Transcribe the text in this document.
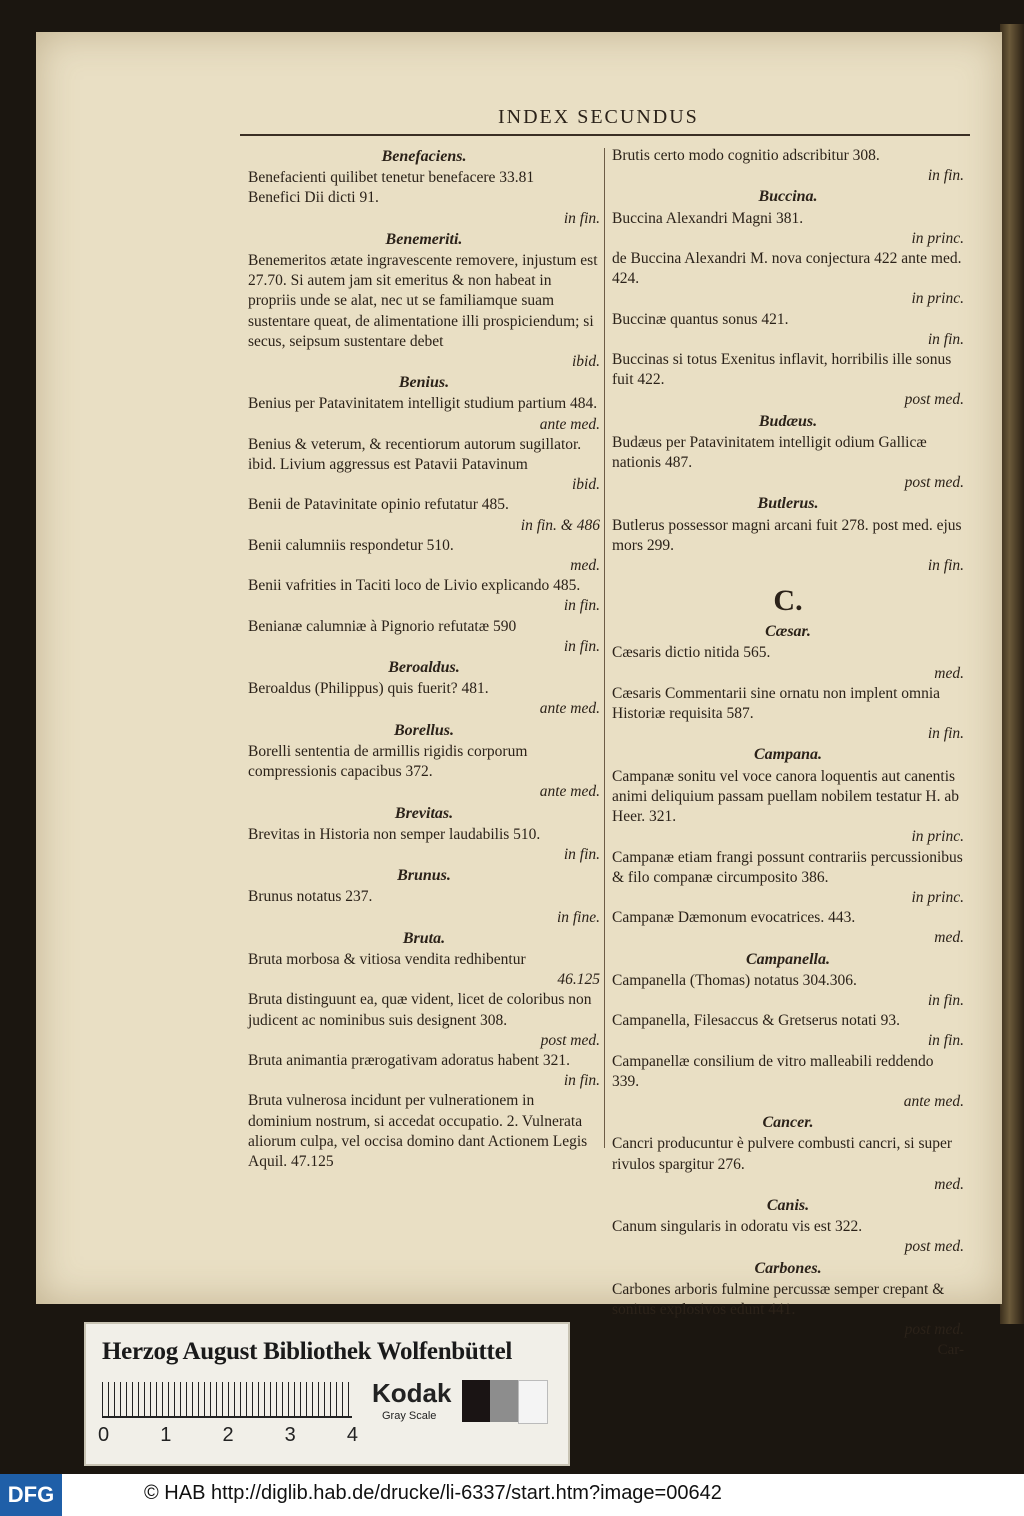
INDEX SECUNDUS
Benefaciens.
Benefacienti quilibet tenetur benefacere 33.81
Benefici Dii dicti 91.
in fin.
Benemeriti.
Benemeritos ætate ingravescente removere, injustum est 27.70. Si autem jam sit emeritus & non habeat in propriis unde se alat, nec ut se familiamque suam sustentare queat, de alimentatione illi prospiciendum; si secus, seipsum sustentare debet
ibid.
Benius.
Benius per Patavinitatem intelligit studium partium 484.
ante med.
Benius & veterum, & recentiorum autorum sugillator. ibid. Livium aggressus est Patavii Patavinum
ibid.
Benii de Patavinitate opinio refutatur 485.
in fin. & 486
Benii calumniis respondetur 510.
med.
Benii vafrities in Taciti loco de Livio explicando 485.
in fin.
Benianæ calumniæ à Pignorio refutatæ 590
in fin.
Beroaldus.
Beroaldus (Philippus) quis fuerit? 481.
ante med.
Borellus.
Borelli sententia de armillis rigidis corporum compressionis capacibus 372.
ante med.
Brevitas.
Brevitas in Historia non semper laudabilis 510.
in fin.
Brunus.
Brunus notatus 237.
in fine.
Bruta.
Bruta morbosa & vitiosa vendita redhibentur
46.125
Bruta distinguunt ea, quæ vident, licet de coloribus non judicent ac nominibus suis designent 308.
post med.
Bruta animantia prærogativam adoratus habent 321.
in fin.
Bruta vulnerosa incidunt per vulnerationem in dominium nostrum, si accedat occupatio. 2. Vulnerata aliorum culpa, vel occisa domino dant Actionem Legis Aquil. 47.125
Brutis certo modo cognitio adscribitur 308.
in fin.
Buccina.
Buccina Alexandri Magni 381.
in princ.
de Buccina Alexandri M. nova conjectura 422 ante med. 424.
in princ.
Buccinæ quantus sonus 421.
in fin.
Buccinas si totus Exenitus inflavit, horribilis ille sonus fuit 422.
post med.
Budæus.
Budæus per Patavinitatem intelligit odium Gallicæ nationis 487.
post med.
Butlerus.
Butlerus possessor magni arcani fuit 278. post med. ejus mors 299.
in fin.
C.
Cæsar.
Cæsaris dictio nitida 565.
med.
Cæsaris Commentarii sine ornatu non implent omnia Historiæ requisita 587.
in fin.
Campana.
Campanæ sonitu vel voce canora loquentis aut canentis animi deliquium passam puellam nobilem testatur H. ab Heer. 321.
in princ.
Campanæ etiam frangi possunt contrariis percussionibus & filo companæ circumposito 386.
in princ.
Campanæ Dæmonum evocatrices. 443.
med.
Campanella.
Campanella (Thomas) notatus 304.306.
in fin.
Campanella, Filesaccus & Gretserus notati 93.
in fin.
Campanellæ consilium de vitro malleabili reddendo 339.
ante med.
Cancer.
Cancri producuntur è pulvere combusti cancri, si super rivulos spargitur 276.
med.
Canis.
Canum singularis in odoratu vis est 322.
post med.
Carbones.
Carbones arboris fulmine percussæ semper crepant & sonitus explosivos edunt 441.
post med.
Car-
Herzog August Bibliothek Wolfenbüttel
0	1	2	3	4
Kodak
Gray Scale
DFG	© HAB http://diglib.hab.de/drucke/li-6337/start.htm?image=00642
